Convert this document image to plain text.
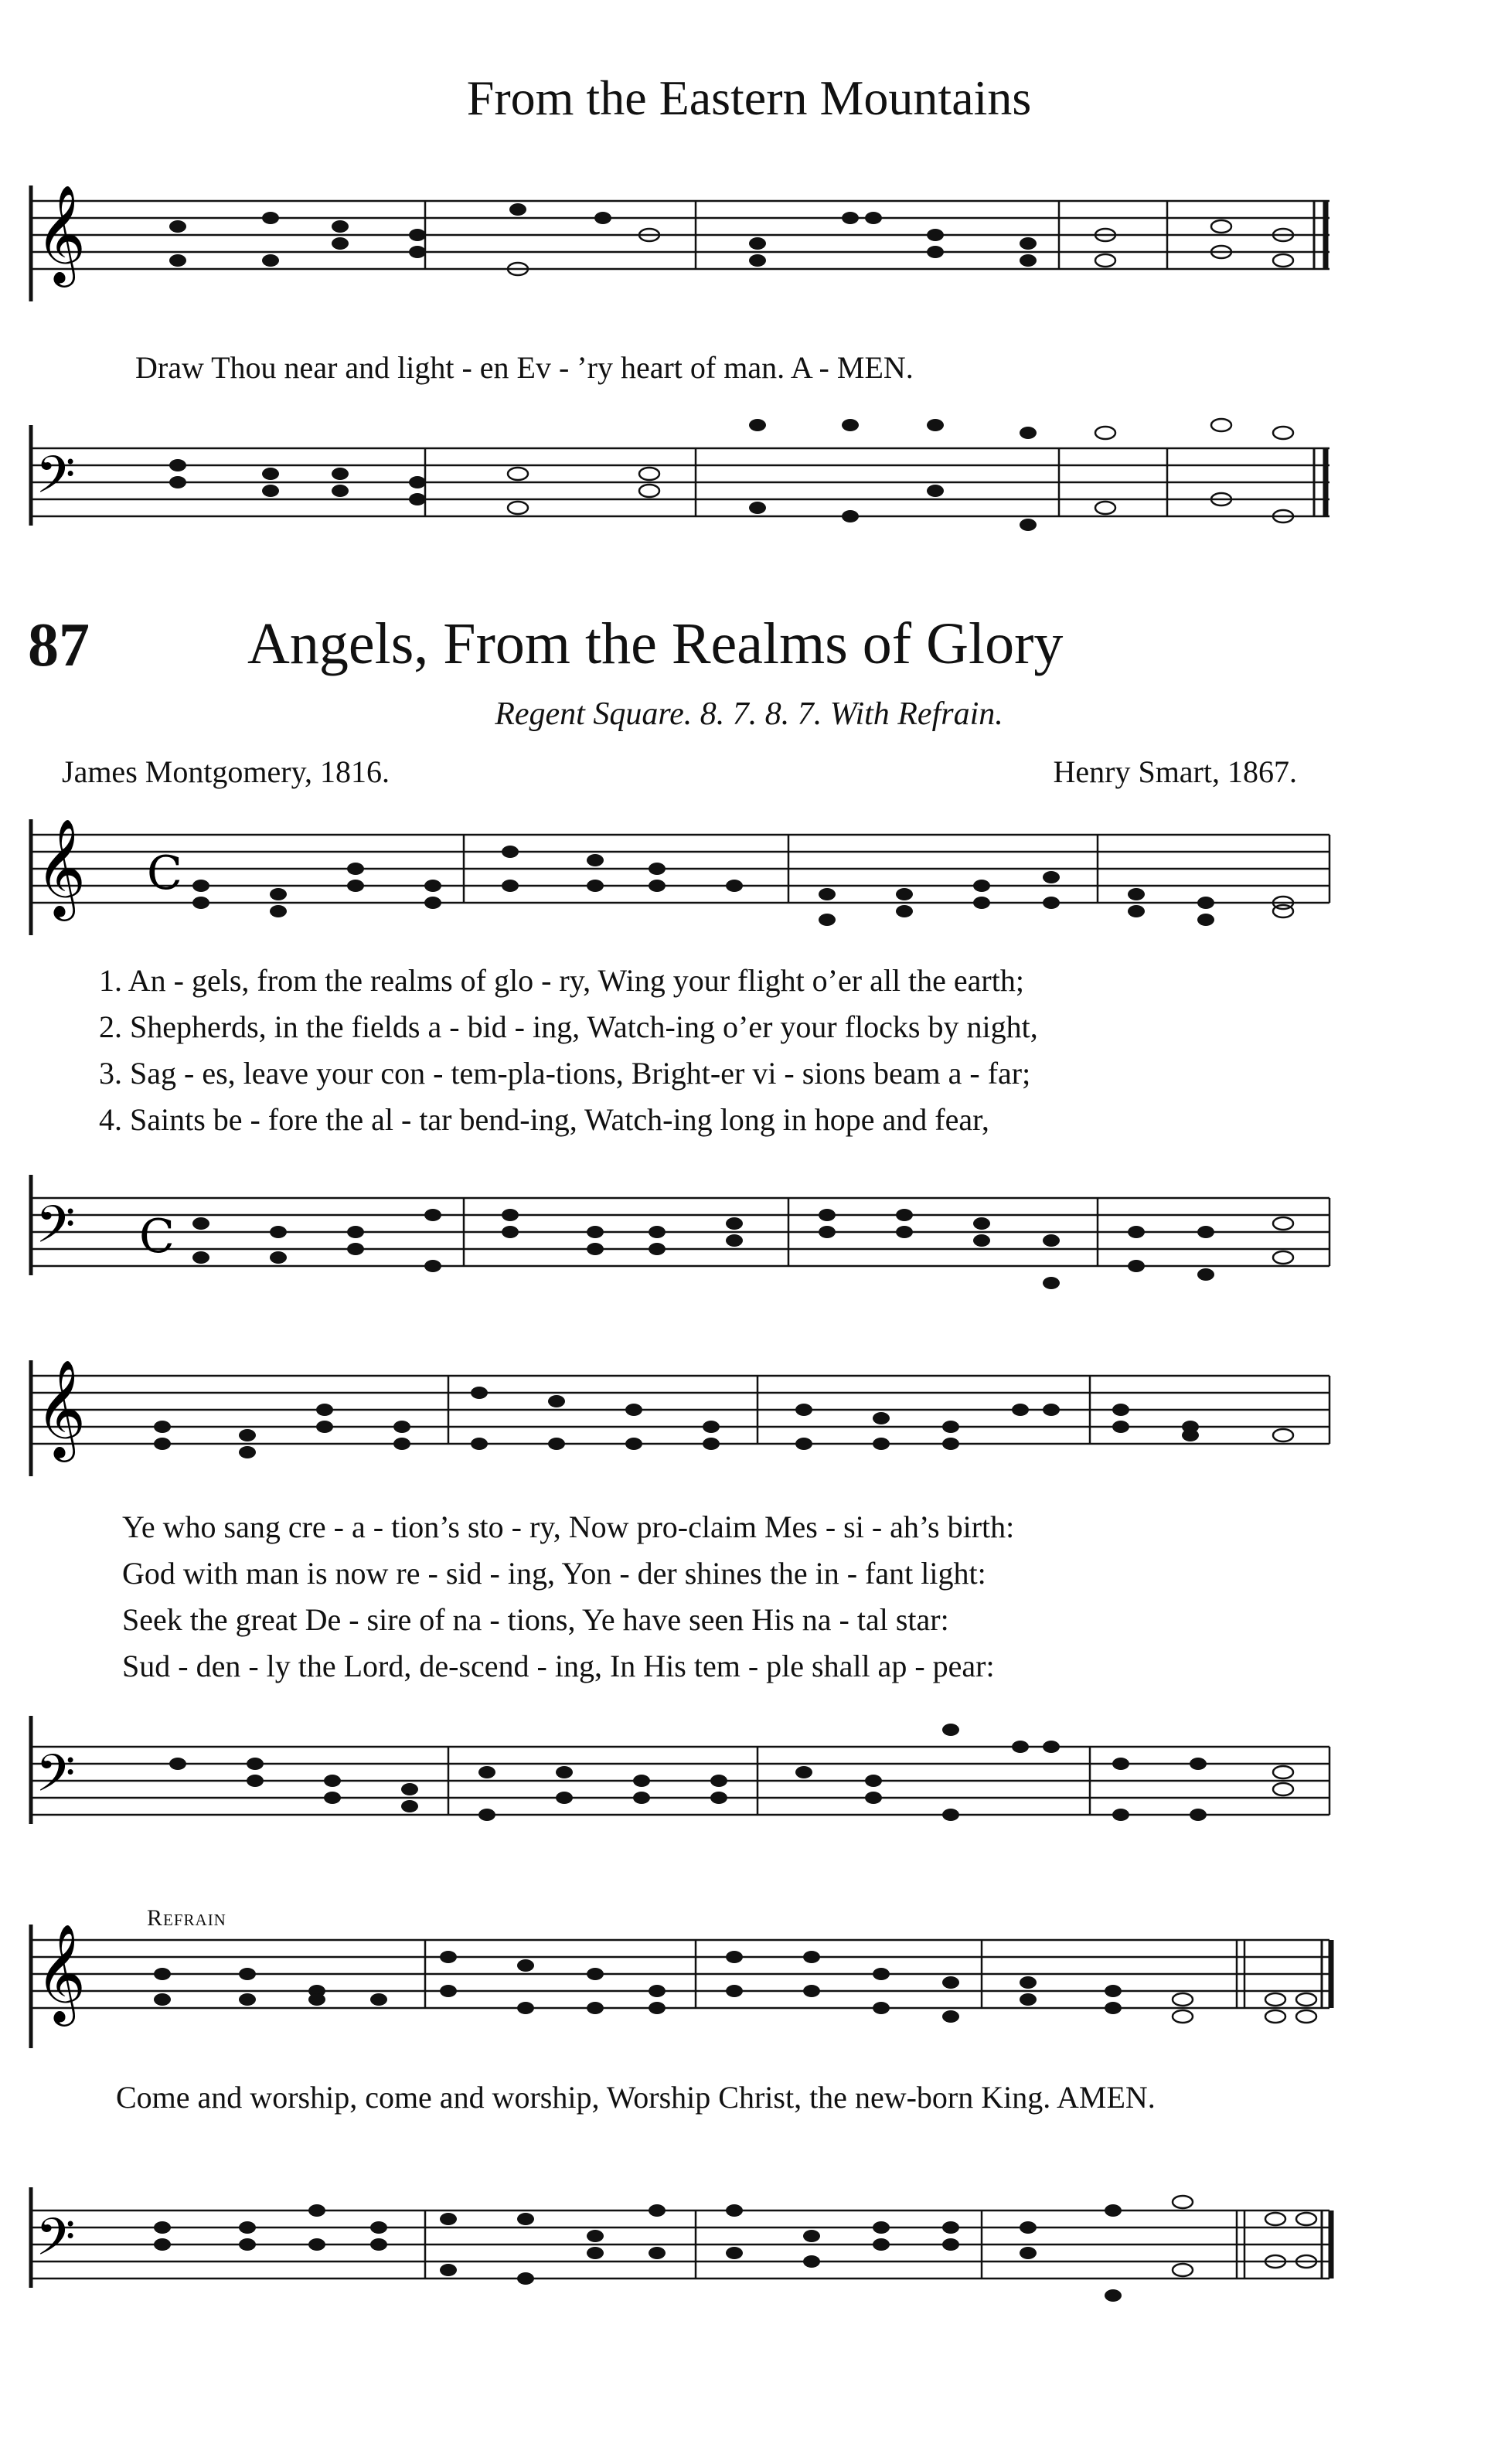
From the Eastern Mountains
𝄞
Draw Thou near and light - en Ev - ’ry heart of man. A - MEN.
𝄢
87	Angels, From the Realms of Glory
Regent Square. 8. 7. 8. 7. With Refrain.
James Montgomery, 1816.	Henry Smart, 1867.
𝄞 C
1. An - gels, from the realms of glo - ry, Wing your flight o’er all the earth;
2. Shepherds, in the fields a - bid - ing, Watch-ing o’er your flocks by night,
3. Sag - es, leave your con - tem-pla-tions, Bright-er vi - sions beam a - far;
4. Saints be - fore the al - tar bend-ing, Watch-ing long in hope and fear,
𝄢 C
𝄞
Ye who sang cre - a - tion’s sto - ry, Now pro-claim Mes - si - ah’s birth:
God with man is now re - sid - ing, Yon - der shines the in - fant light:
Seek the great De - sire of na - tions, Ye have seen His na - tal star:
Sud - den - ly the Lord, de-scend - ing, In His tem - ple shall ap - pear:
𝄢
Refrain
𝄞
Come and worship, come and worship, Worship Christ, the new-born King. AMEN.
𝄢
